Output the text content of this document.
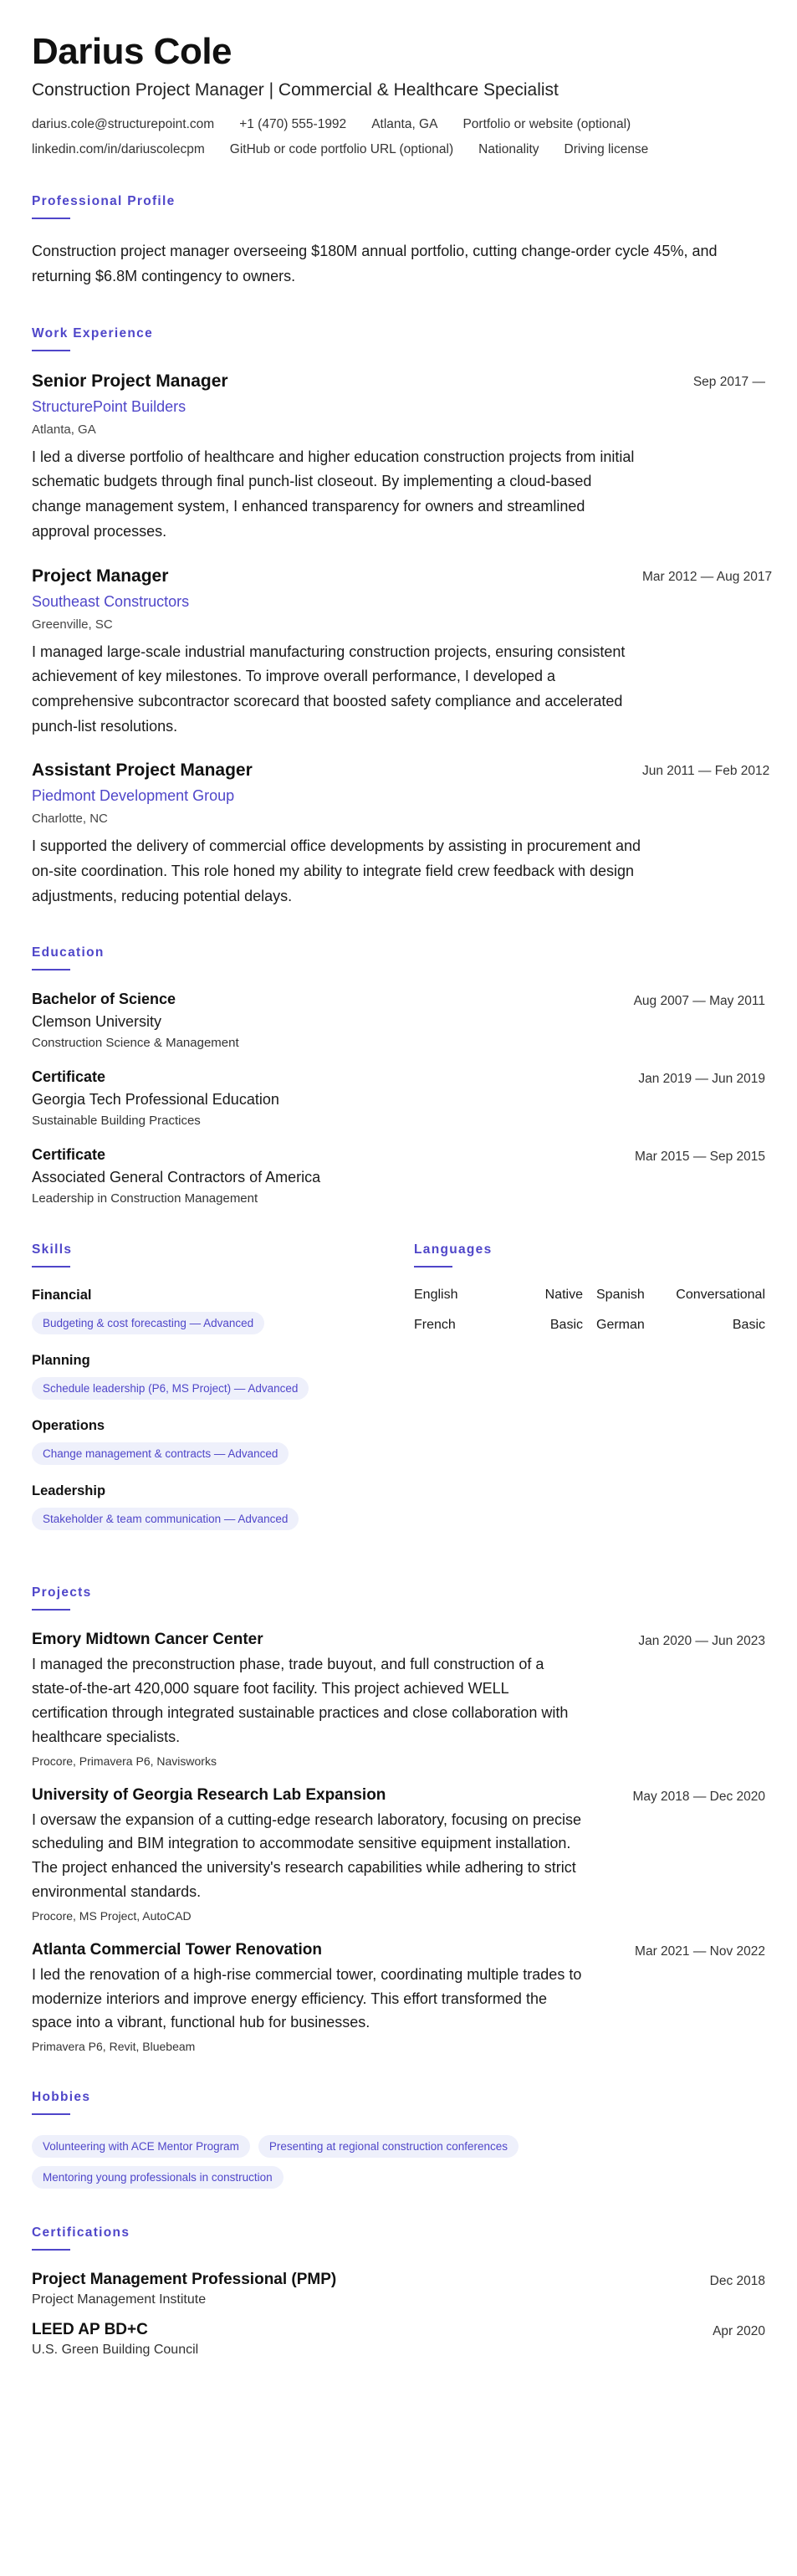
Darius Cole
Construction Project Manager | Commercial & Healthcare Specialist
darius.cole@structurepoint.com +1 (470) 555-1992 Atlanta, GA Portfolio or website (optional)
linkedin.com/in/dariuscolecpm GitHub or code portfolio URL (optional) Nationality Driving license
Professional Profile

Construction project manager overseeing $180M annual portfolio, cutting change-order cycle 45%, and returning $6.8M contingency to owners.

Work Experience
Senior Project Manager
StructurePoint Builders
Atlanta, GA

I led a diverse portfolio of healthcare and higher education construction projects from initial schematic budgets through final punch-list closeout. By implementing a cloud-based change management system, I enhanced transparency for owners and streamlined approval processes.

Sep 2017 —
Project Manager
Southeast Constructors
Greenville, SC

I managed large-scale industrial manufacturing construction projects, ensuring consistent achievement of key milestones. To improve overall performance, I developed a comprehensive subcontractor scorecard that boosted safety compliance and accelerated punch-list resolutions.

Mar 2012 — Aug 2017
Assistant Project Manager
Piedmont Development Group
Charlotte, NC

I supported the delivery of commercial office developments by assisting in procurement and on-site coordination. This role honed my ability to integrate field crew feedback with design adjustments, reducing potential delays.

Jun 2011 — Feb 2012
Education
Bachelor of Science
Clemson University
Construction Science & Management
Aug 2007 — May 2011
Certificate
Georgia Tech Professional Education
Sustainable Building Practices
Jan 2019 — Jun 2019
Certificate
Associated General Contractors of America
Leadership in Construction Management
Mar 2015 — Sep 2015
Skills
Financial
Budgeting & cost forecasting — Advanced
Planning
Schedule leadership (P6, MS Project) — Advanced
Operations
Change management & contracts — Advanced
Leadership
Stakeholder & team communication — Advanced
Languages
English	Native Spanish Conversational
French	Basic German	Basic
Projects
Emory Midtown Cancer Center

I managed the preconstruction phase, trade buyout, and full construction of a state-of-the-art 420,000 square foot facility. This project achieved WELL certification through integrated sustainable practices and close collaboration with healthcare specialists.

Procore, Primavera P6, Navisworks
Jan 2020 — Jun 2023
University of Georgia Research Lab Expansion

I oversaw the expansion of a cutting-edge research laboratory, focusing on precise scheduling and BIM integration to accommodate sensitive equipment installation. The project enhanced the university's research capabilities while adhering to strict environmental standards.

Procore, MS Project, AutoCAD
May 2018 — Dec 2020
Atlanta Commercial Tower Renovation

I led the renovation of a high-rise commercial tower, coordinating multiple trades to modernize interiors and improve energy efficiency. This effort transformed the space into a vibrant, functional hub for businesses.

Primavera P6, Revit, Bluebeam
Mar 2021 — Nov 2022
Hobbies
Volunteering with ACE Mentor Program	Presenting at regional construction conferences
Mentoring young professionals in construction
Certifications
Project Management Professional (PMP)
Project Management Institute
Dec 2018
LEED AP BD+C
U.S. Green Building Council
Apr 2020
